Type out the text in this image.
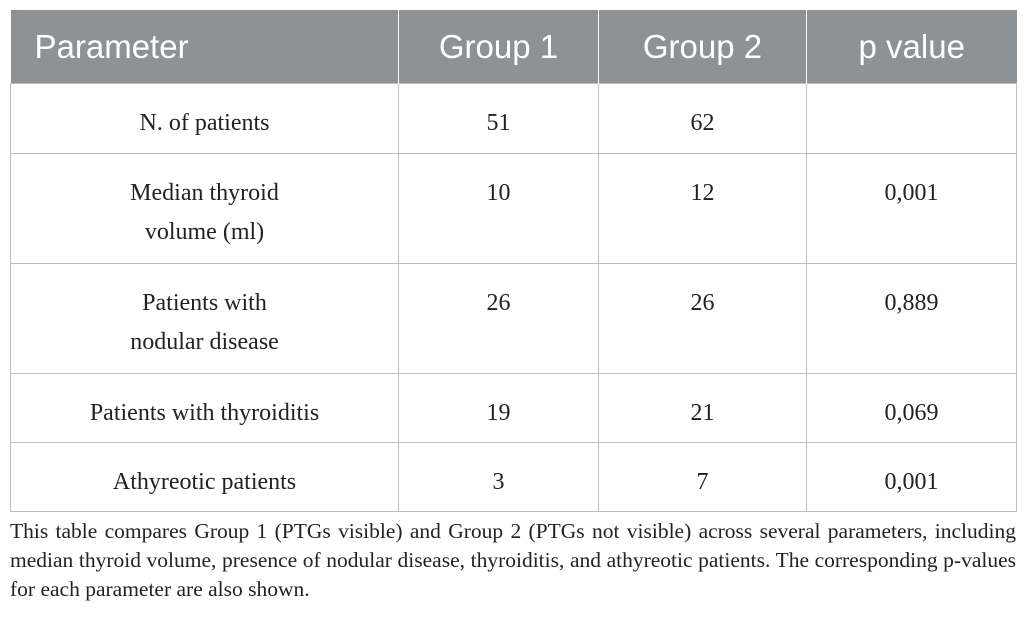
Parameter	Group 1	Group 2	p value
N. of patients	51	62	
Median thyroid
volume (ml)	10	12	0,001
Patients with
nodular disease	26	26	0,889
Patients with thyroiditis	19	21	0,069
Athyreotic patients	3	7	0,001

This table compares Group 1 (PTGs visible) and Group 2 (PTGs not visible) across several parameters, including median thyroid volume, presence of nodular disease, thyroiditis, and athyreotic patients. The corresponding p-values for each parameter are also shown.
